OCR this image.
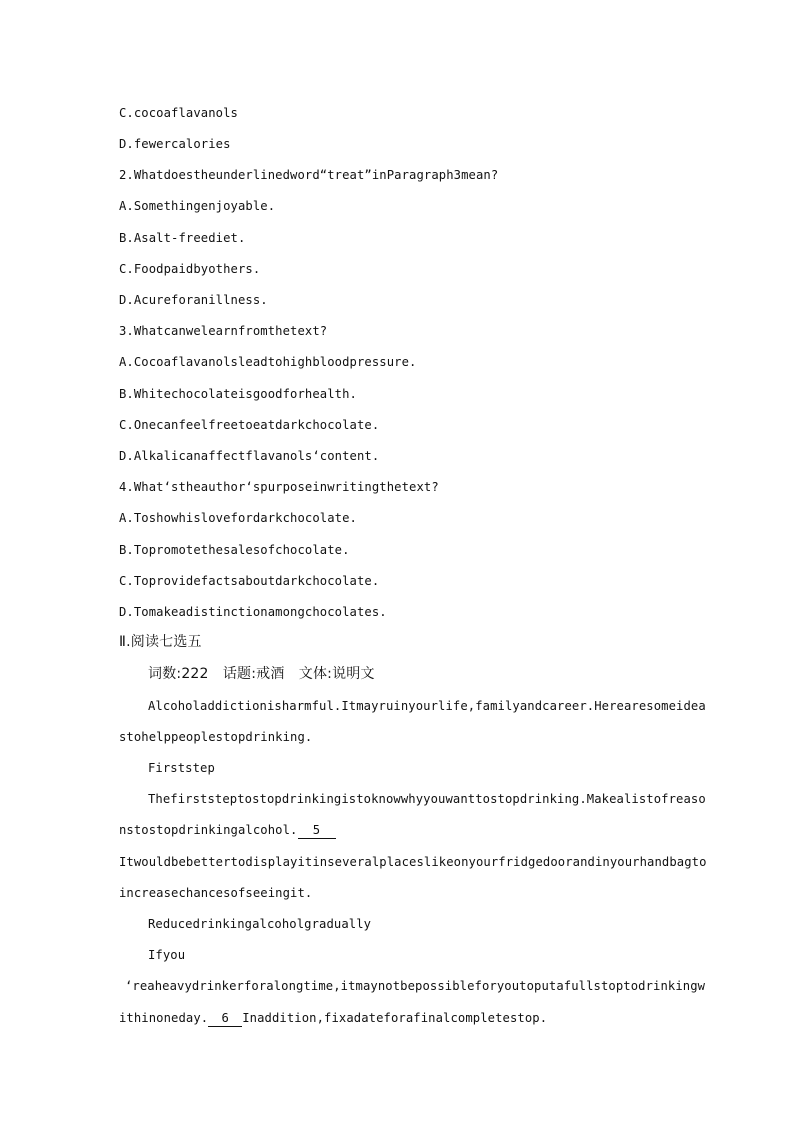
C.cocoaflavanols
D.fewercalories
2.Whatdoestheunderlinedword“treat”inParagraph3mean?
A.Somethingenjoyable.
B.Asalt-freediet.
C.Foodpaidbyothers.
D.Acureforanillness.
3.Whatcanwelearnfromthetext?
A.Cocoaflavanolsleadtohighbloodpressure.
B.Whitechocolateisgoodforhealth.
C.Onecanfeelfreetoeatdarkchocolate.
D.Alkalicanaffectflavanols‘content.
4.What‘stheauthor‘spurposeinwritingthetext?
A.Toshowhislovefordarkchocolate.
B.Topromotethesalesofchocolate.
C.Toprovidefactsaboutdarkchocolate.
D.Tomakeadistinctionamongchocolates.
Ⅱ.阅读七选五
词数:222　话题:戒酒　文体:说明文
Alcoholaddictionisharmful.Itmayruinyourlife,familyandcareer.Herearesomeidea
stohelppeoplestopdrinking.
Firststep
Thefirststeptostopdrinkingistoknowwhyyouwanttostopdrinking.Makealistofreaso
nstostopdrinkingalcohol. 5
Itwouldbebettertodisplayitinseveralplaceslikeonyourfridgedoorandinyourhandbagto
increasechancesofseeingit.
Reducedrinkingalcoholgradually
Ifyou
‘reaheavydrinkerforalongtime,itmaynotbepossibleforyoutoputafullstoptodrinkingw
ithinoneday. 6 Inaddition,fixadateforafinalcompletestop.
